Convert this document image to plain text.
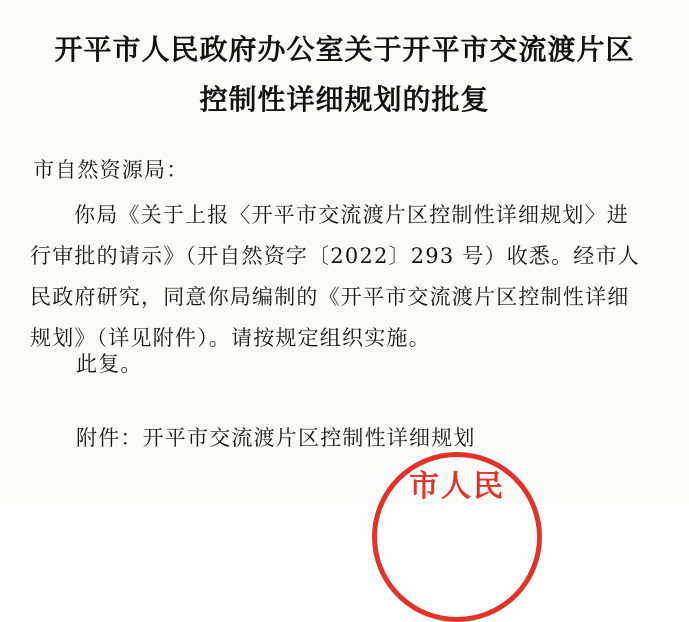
开平市人民政府办公室关于开平市交流渡片区
控制性详细规划的批复
市自然资源局：
你局《关于上报〈开平市交流渡片区控制性详细规划〉进行审批的请示》（开自然资字〔2022〕293 号）收悉。经市人民政府研究，同意你局编制的《开平市交流渡片区控制性详细规划》（详见附件）。请按规定组织实施。
此复。
附件：开平市交流渡片区控制性详细规划
市人民
